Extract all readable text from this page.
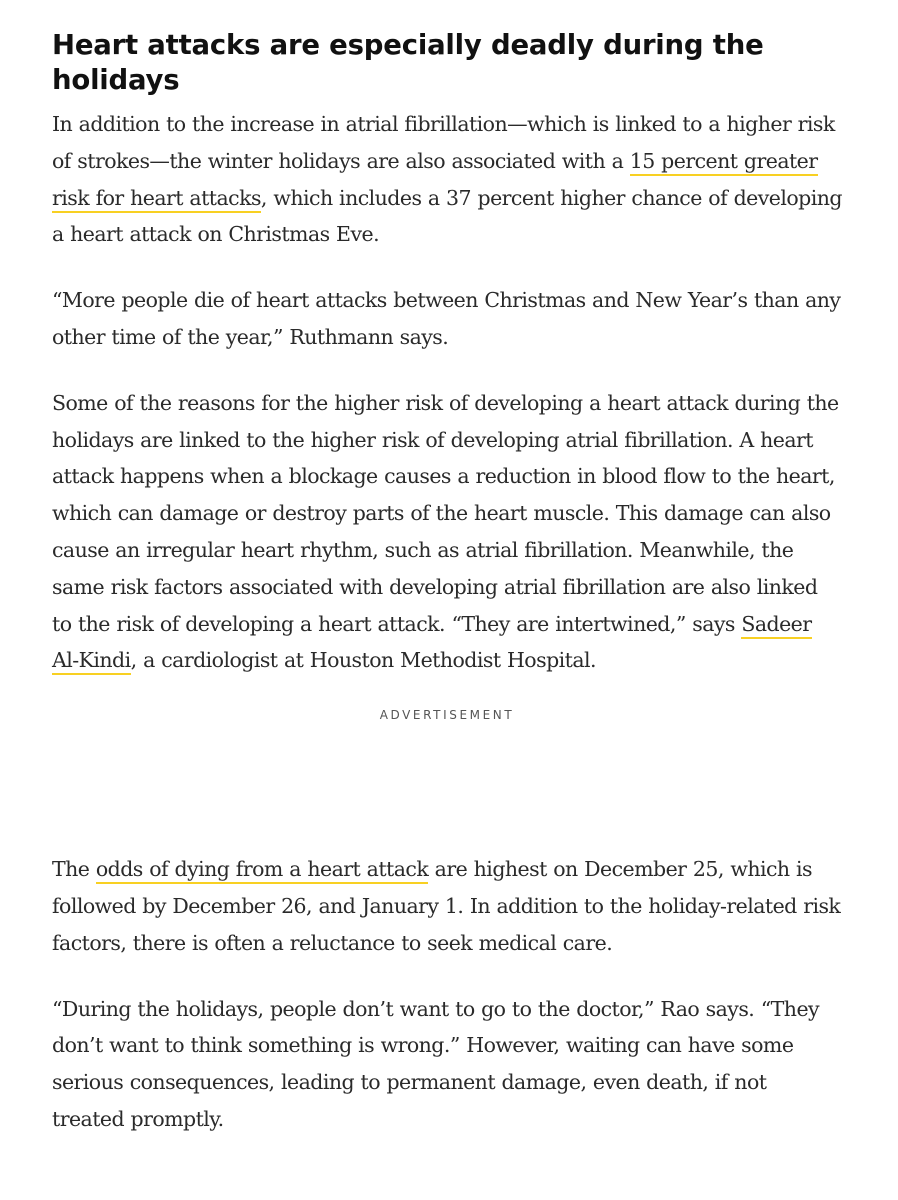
Heart attacks are especially deadly during the holidays

In addition to the increase in atrial fibrillation—which is linked to a higher risk of strokes—the winter holidays are also associated with a 15 percent greater risk for heart attacks, which includes a 37 percent higher chance of developing a heart attack on Christmas Eve.

“More people die of heart attacks between Christmas and New Year’s than any other time of the year,” Ruthmann says.

Some of the reasons for the higher risk of developing a heart attack during the holidays are linked to the higher risk of developing atrial fibrillation. A heart attack happens when a blockage causes a reduction in blood flow to the heart, which can damage or destroy parts of the heart muscle. This damage can also cause an irregular heart rhythm, such as atrial fibrillation. Meanwhile, the same risk factors associated with developing atrial fibrillation are also linked to the risk of developing a heart attack. “They are intertwined,” says Sadeer Al-Kindi, a cardiologist at Houston Methodist Hospital.

ADVERTISEMENT

The odds of dying from a heart attack are highest on December 25, which is followed by December 26, and January 1. In addition to the holiday-related risk factors, there is often a reluctance to seek medical care.

“During the holidays, people don’t want to go to the doctor,” Rao says. “They don’t want to think something is wrong.” However, waiting can have some serious consequences, leading to permanent damage, even death, if not treated promptly.
